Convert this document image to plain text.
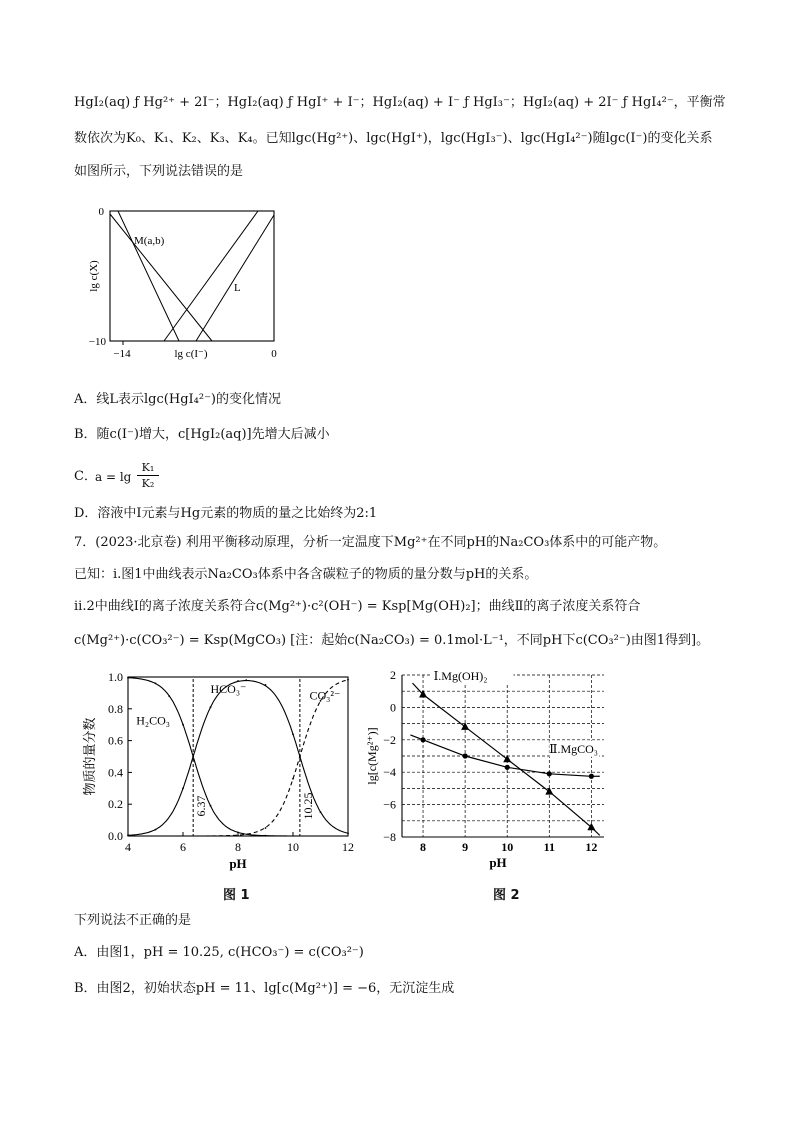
HgI₂(aq) ƒ Hg²⁺ + 2I⁻；HgI₂(aq) ƒ HgI⁺ + I⁻；HgI₂(aq) + I⁻ ƒ HgI₃⁻；HgI₂(aq) + 2I⁻ ƒ HgI₄²⁻，平衡常
数依次为K₀、K₁、K₂、K₃、K₄。已知lgc(Hg²⁺)、lgc(HgI⁺)，lgc(HgI₃⁻)、lgc(HgI₄²⁻)随lgc(I⁻)的变化关系
如图所示，下列说法错误的是
0
−10
−14	0
lg c(I⁻)
lg c(X)
M(a,b)
L
A．线L表示lgc(HgI₄²⁻)的变化情况
B．随c(I⁻)增大，c[HgI₂(aq)]先增大后减小
C．
a = lg
K₁
K₂
D．溶液中I元素与Hg元素的物质的量之比始终为2:1
7．(2023·北京卷) 利用平衡移动原理，分析一定温度下Mg²⁺在不同pH的Na₂CO₃体系中的可能产物。
已知：i.图1中曲线表示Na₂CO₃体系中各含碳粒子的物质的量分数与pH的关系。
ii.2中曲线Ⅰ的离子浓度关系符合c(Mg²⁺)·c²(OH⁻) = Ksp[Mg(OH)₂]；曲线Ⅱ的离子浓度关系符合
c(Mg²⁺)·c(CO₃²⁻) = Ksp(MgCO₃) [注：起始c(Na₂CO₃) = 0.1mol·L⁻¹，不同pH下c(CO₃²⁻)由图1得到]。
0.0
0.2
0.4
0.6
0.8
1.0
4	6	8	10	12
pH
物质的量分数
6.37	10.25
H₂CO₃
HCO₃⁻	CO₃²⁻
图 1
2
0
−2
−4
−6
−8
8	9	10	11	12
pH
lg[c(Mg²⁺)]
Ⅰ.Mg(OH)₂
Ⅱ.MgCO₃
图 2
下列说法不正确的是
A．由图1，pH = 10.25, c(HCO₃⁻) = c(CO₃²⁻)
B．由图2，初始状态pH = 11、lg[c(Mg²⁺)] = −6，无沉淀生成
